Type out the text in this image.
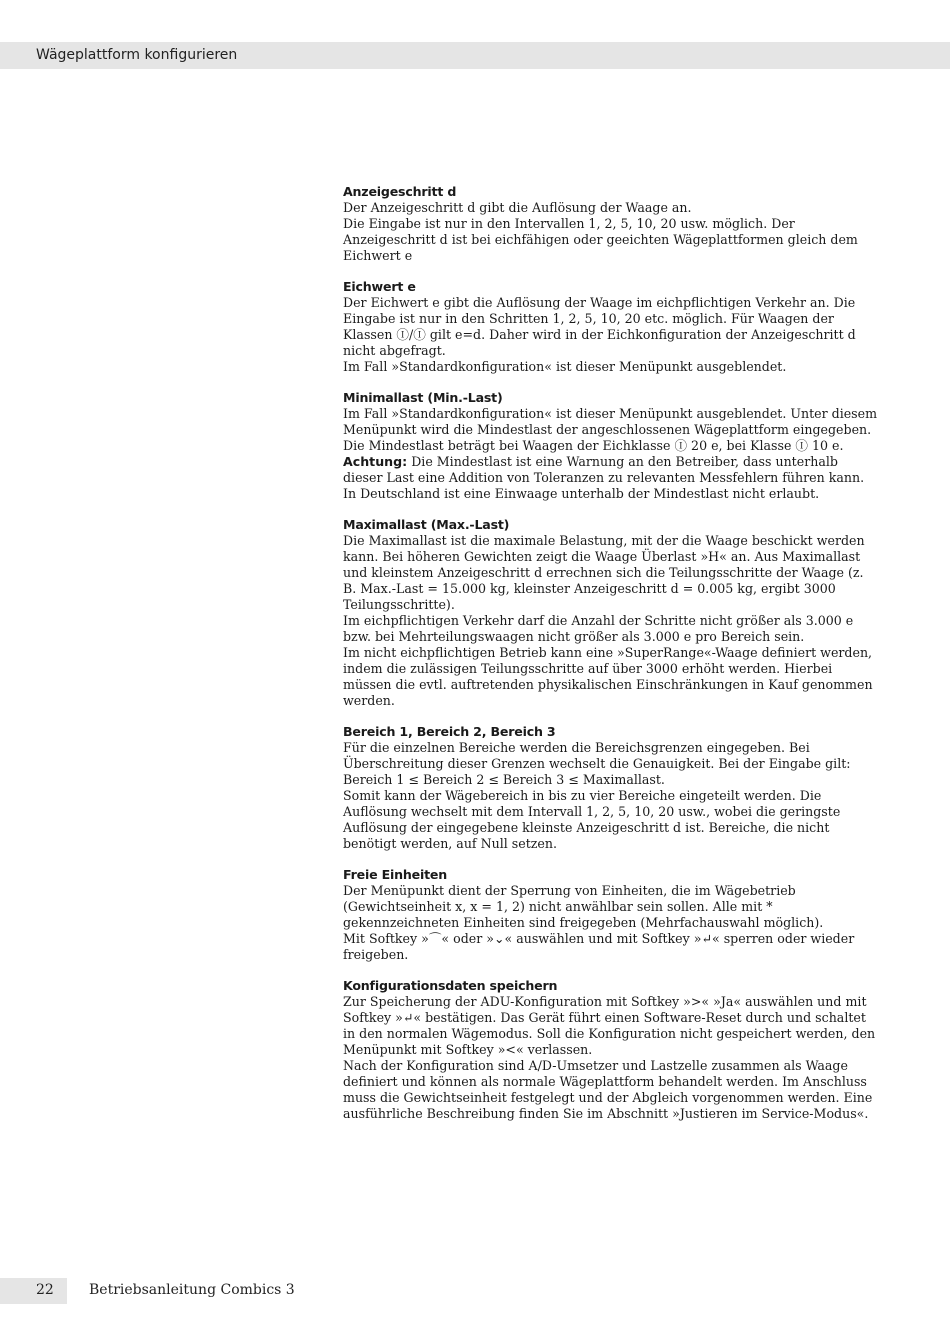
Wägeplattform konfigurieren
Anzeigeschritt d

Der Anzeigeschritt d gibt die Auflösung der Waage an.
Die Eingabe ist nur in den Intervallen 1, 2, 5, 10, 20 usw. möglich. Der Anzeigeschritt d ist bei eichfähigen oder geeichten Wägeplattformen gleich dem Eichwert e

Eichwert e

Der Eichwert e gibt die Auflösung der Waage im eichpflichtigen Verkehr an. Die Eingabe ist nur in den Schritten 1, 2, 5, 10, 20 etc. möglich. Für Waagen der Klassen Ⓘ/Ⓘ gilt e=d. Daher wird in der Eichkonfiguration der Anzeigeschritt d nicht abgefragt.
Im Fall »Standardkonfiguration« ist dieser Menüpunkt ausgeblendet.

Minimallast (Min.-Last)

Im Fall »Standardkonfiguration« ist dieser Menüpunkt ausgeblendet. Unter diesem Menüpunkt wird die Mindestlast der angeschlossenen Wägeplattform eingegeben.
Die Mindestlast beträgt bei Waagen der Eichklasse Ⓘ 20 e, bei Klasse Ⓘ 10 e.

Achtung: Die Mindestlast ist eine Warnung an den Betreiber, dass unterhalb dieser Last eine Addition von Toleranzen zu relevanten Messfehlern führen kann. In Deutschland ist eine Einwaage unterhalb der Mindestlast nicht erlaubt.

Maximallast (Max.-Last)

Die Maximallast ist die maximale Belastung, mit der die Waage beschickt werden kann. Bei höheren Gewichten zeigt die Waage Überlast »H« an. Aus Maximallast und kleinstem Anzeigeschritt d errechnen sich die Teilungsschritte der Waage (z. B. Max.-Last = 15.000 kg, kleinster Anzeigeschritt d = 0.005 kg, ergibt 3000 Teilungsschritte).
Im eichpflichtigen Verkehr darf die Anzahl der Schritte nicht größer als 3.000 e bzw. bei Mehrteilungswaagen nicht größer als 3.000 e pro Bereich sein.
Im nicht eichpflichtigen Betrieb kann eine »SuperRange«-Waage definiert werden, indem die zulässigen Teilungsschritte auf über 3000 erhöht werden. Hierbei müssen die evtl. auftretenden physikalischen Einschränkungen in Kauf genommen werden.

Bereich 1, Bereich 2, Bereich 3

Für die einzelnen Bereiche werden die Bereichsgrenzen eingegeben. Bei Überschreitung dieser Grenzen wechselt die Genauigkeit. Bei der Eingabe gilt: Bereich 1 ≤ Bereich 2 ≤ Bereich 3 ≤ Maximallast.

Somit kann der Wägebereich in bis zu vier Bereiche eingeteilt werden. Die Auflösung wechselt mit dem Intervall 1, 2, 5, 10, 20 usw., wobei die geringste Auflösung der eingegebene kleinste Anzeigeschritt d ist. Bereiche, die nicht benötigt werden, auf Null setzen.

Freie Einheiten

Der Menüpunkt dient der Sperrung von Einheiten, die im Wägebetrieb (Gewichtseinheit x, x = 1, 2) nicht anwählbar sein sollen. Alle mit * gekennzeichneten Einheiten sind freigegeben (Mehrfachauswahl möglich).

Mit Softkey »⌒« oder »⌄« auswählen und mit Softkey »↵« sperren oder wieder freigeben.

Konfigurationsdaten speichern

Zur Speicherung der ADU-Konfiguration mit Softkey »>« »Ja« auswählen und mit Softkey »↵« bestätigen. Das Gerät führt einen Software-Reset durch und schaltet in den normalen Wägemodus. Soll die Konfiguration nicht gespeichert werden, den Menüpunkt mit Softkey »<« verlassen.

Nach der Konfiguration sind A/D-Umsetzer und Lastzelle zusammen als Waage definiert und können als normale Wägeplattform behandelt werden. Im Anschluss muss die Gewichtseinheit festgelegt und der Abgleich vorgenommen werden. Eine ausführliche Beschreibung finden Sie im Abschnitt »Justieren im Service-Modus«.

22	Betriebsanleitung Combics 3
